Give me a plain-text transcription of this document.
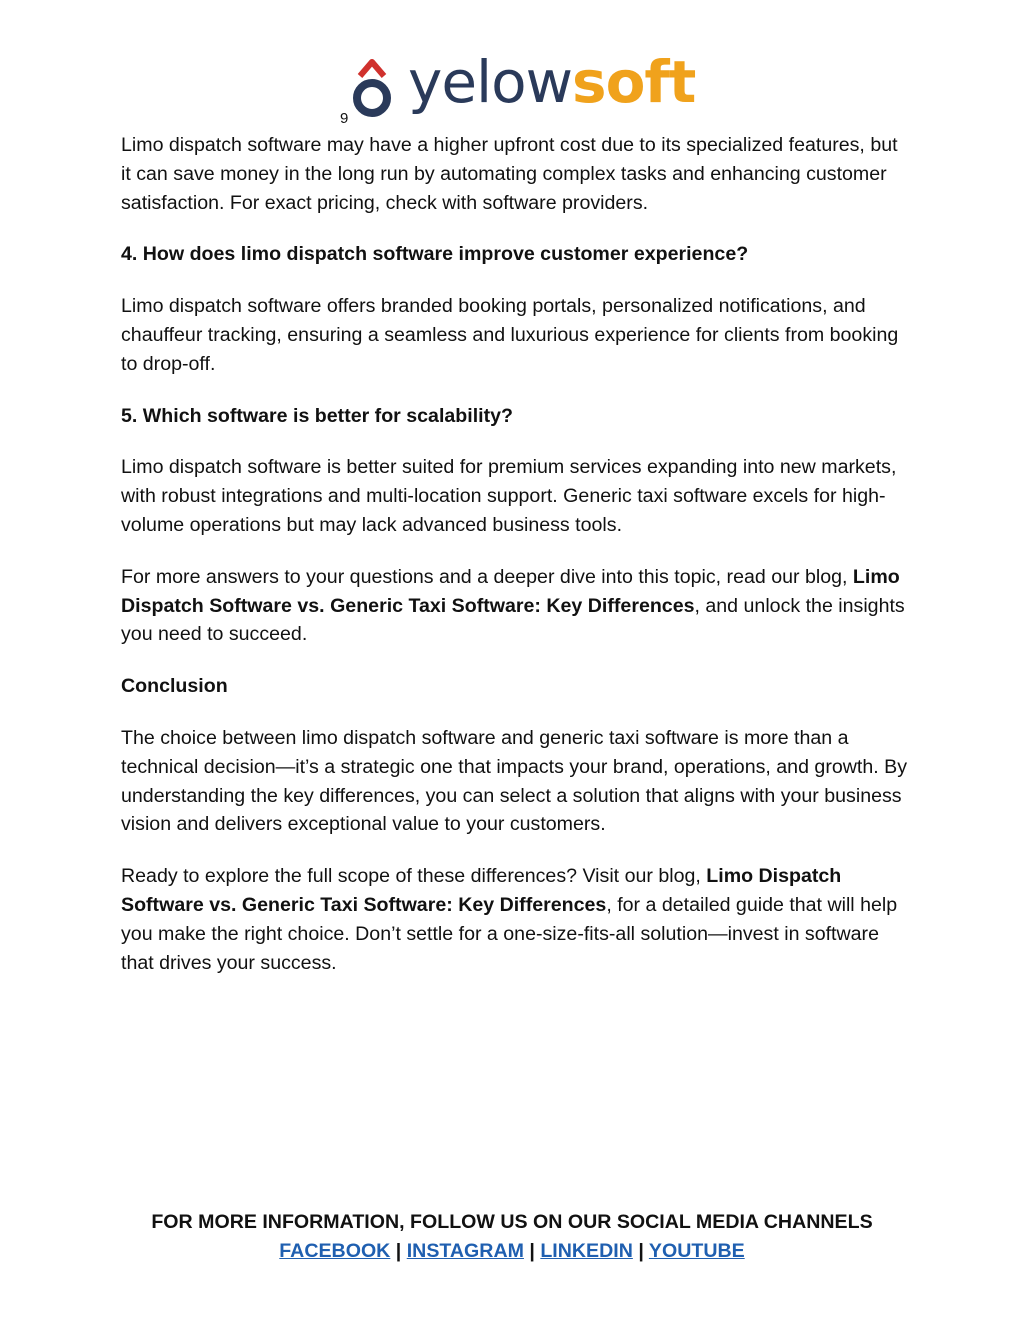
yelowsoft
9

Limo dispatch software may have a higher upfront cost due to its specialized features, but it can save money in the long run by automating complex tasks and enhancing customer satisfaction. For exact pricing, check with software providers.

4. How does limo dispatch software improve customer experience?

Limo dispatch software offers branded booking portals, personalized notifications, and chauffeur tracking, ensuring a seamless and luxurious experience for clients from booking to drop-off.

5. Which software is better for scalability?

Limo dispatch software is better suited for premium services expanding into new markets, with robust integrations and multi-location support. Generic taxi software excels for high-volume operations but may lack advanced business tools.

For more answers to your questions and a deeper dive into this topic, read our blog, Limo Dispatch Software vs. Generic Taxi Software: Key Differences, and unlock the insights you need to succeed.

Conclusion

The choice between limo dispatch software and generic taxi software is more than a technical decision—it’s a strategic one that impacts your brand, operations, and growth. By understanding the key differences, you can select a solution that aligns with your business vision and delivers exceptional value to your customers.

Ready to explore the full scope of these differences? Visit our blog, Limo Dispatch Software vs. Generic Taxi Software: Key Differences, for a detailed guide that will help you make the right choice. Don’t settle for a one-size-fits-all solution—invest in software that drives your success.

FOR MORE INFORMATION, FOLLOW US ON OUR SOCIAL MEDIA CHANNELS
FACEBOOK | INSTAGRAM | LINKEDIN | YOUTUBE
